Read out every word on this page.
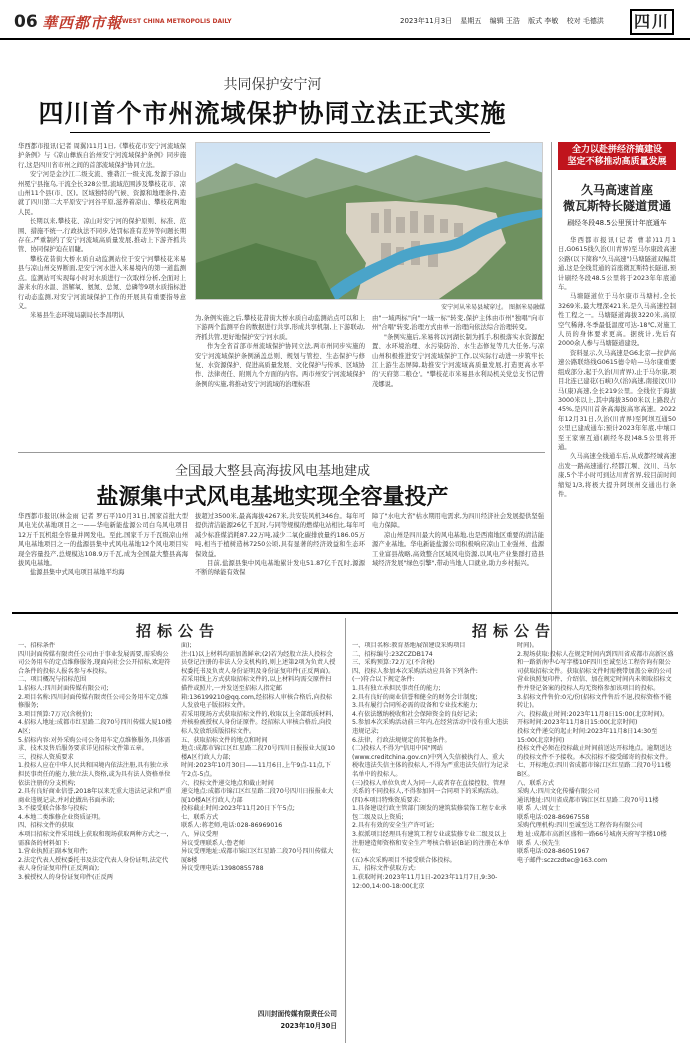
06 華西都市報 WEST CHINA METROPOLIS DAILY	2023年11月3日 星期五 编辑 王浩 版式 李敏 校对 毛德洪	四川
共同保护安宁河
四川首个市州流域保护协同立法正式实施

华西都市报讯(记者 周翼)11月1日,《攀枝花市安宁河流域保护条例》与《凉山彝族自治州安宁河流域保护条例》同步施行,这是四川省市州之间的首部流域保护协同立法。

安宁河是金沙江二级支流、雅砻江一级支流,发源于凉山州冕宁县拖乌,干流全长328公里,流域范围涉及攀枝花市、凉山州11个县(市、区)。区域独特的气候、资源和地理条件,造就了四川第二大平原安宁河谷平原,滋养着凉山、攀枝花两地人民。

长期以来,攀枝花、凉山对安宁河的保护原则、标准、范围、措施不统一,行政执法不同步,处罚标准有差异等问题长期存在,严重制约了安宁河流域高质量发展,推动上下游齐抓共管、协同保护迫在眉睫。

攀枝花昔街大桥水质自动监测站位于安宁河攀枝花米易县与凉山州交界断面,是安宁河水进入米易境内的第一道监测点。监测站可实现每小时对水质进行一次取样分析,全面对上游来水的水温、溶解氧、氨氮、总氮、总磷等9项水质指标进行动态监测,对安宁河流域保护工作的开展具有重要指导意义。

米易县生态环境局副局长李昌明认

安宁河从米易县城穿过。 图据米易融媒

为,条例实施之后,攀枝花昔街大桥水质自动监测站点可以和上下游两个监测平台的数据进行共享,形成共享机制,上下游联动,齐抓共管,更好地保护安宁河水质。

作为全省首部市州流域保护协同立法,两市州同步实施的安宁河流域保护条例涵盖总则、规划与管控、生态保护与修复、水资源保护、促进高质量发展、文化保护与传承、区域协作、法律责任、附则九个方面的内容。两市州安宁河流域保护条例的实施,将推动安宁河流域的治理标准

由"一域两标"向"一域一标"转变,保护主体由市州"独唱"向市州"合唱"转变,治理方式由单一治理向依法综合治理转变。

"条例实施后,米易将以河湖长制为抓手,积极落实水资源配置、水环境治理、水污染防治、水生态修复等几大任务,与凉山州积极推进安宁河流域保护工作,以实际行动进一步筑牢长江上游生态屏障,助推安宁河流域高质量发展,打造更高水平的'天府第二粮仓'。"攀枝花市米易县水利局机关党总支书记曾茂娜说。

全力以赴拼经济搞建设
坚定不移推动高质量发展
久马高速首座
微瓦斯特长隧道贯通
刷经冬段48.5公里预计年底通车

华西都市报讯(记者 曹菲)11月1日,G0615线久治(川青界)至马尔康段高速公路(以下简称"久马高速")马塘隧道双幅贯通,这是全线贯通的首座微瓦斯特长隧道,预计刷经冬段48.5公里将于2023年年底通车。

马塘隧道位于马尔康市马塘村,全长3269米,最大埋深421米,是久马高速控制性工程之一。马塘隧道海拔3220米,高原空气稀薄,冬季最低温度可达-18℃,对施工人员的身体要求更高。据统计,先后有2000余人参与马塘隧道建设。

资料显示,久马高速是G6北京—拉萨高速公路联络线G0615德令哈—马尔康重要组成部分,起于久治(川青界),止于马尔康,项目北连已建花(石峡)久(治)高速,南接汶(川)马(康)高速,全长219公里。全线位于海拔3000米以上,其中海拔3500米以上路段占45%,是四川首条高海拔高寒高速。2022年12月31日,久治(川青界)至阿坝互通50公里已建成通车;预计2023年年底,中壤口至王家寨互通(刷经冬段)48.5公里将开通。

久马高速全线通车后,从成都经城高速出发一路高速通行,经都江堰、汶川、马尔康,5个半小时可到达川青省界,较目前时间缩短1/3,将极大提升阿坝州交通出行条件。

全国最大整县高海拔风电基地建成
盐源集中式风电基地实现全容量投产

华西都市报讯(林金雨 记者 罗石平)10月31日,国家首批大型风电光伏基地项目之一——华电新能盐源公司白乌风电项目12万千瓦机组全容量并网发电。至此,国家千万千瓦级凉山州风电基地项目之一的盐源县集中式风电基地12个风电项目实现全容量投产,总规模达108.9万千瓦,成为全国最大整县高海拔风电基地。

盐源县集中式风电项目基地平均海

拔超过3500米,最高海拔4267米,共安装风机346台。每年可提供清洁能源26亿千瓦时,与同等规模的燃煤电站相比,每年可减少标准煤消耗87.22万吨,减少二氧化碳排放量约186.05万吨,相当于植树造林7250公顷,具有显著的经济效益和生态环保效益。

目前,盐源县集中风电基地累计发电51.87亿千瓦时,源源不断的绿能有效保

障了"水电大省"枯水期用电需求,为四川经济社会发展提供坚强电力保障。

凉山州是四川最大的风电基地,也是西南地区重要的清洁能源产业基地。华电新能盐源公司积极响应凉山工业强州、盐源工业富县战略,高效整合区域风电资源,以风电产业集群打造县域经济发展"绿色引擎",带动当地人口就业,助力乡村振兴。

招标公告
一、招标条件
四川封面传媒有限责任公司由于事业发展需要,需采购公司公务用车的定点维修服务,现面向社会公开招标,欢迎符合条件的投标人报名参与本投标。
二、项目概况与招标范围
1.招标人:四川封面传媒有限公司;
2.项目名称:四川封面传媒有限责任公司公务用车定点维修服务;
3.项目预算:7万元(含税价);
4.招标人地址:成都市红星路二段70号四川传媒大厦10楼A区;
5.招标内容:对外采购公司公务用车定点维修服务,具体需求、技术及售后服务要求详见招标文件第五章。
三、投标人资质要求
1.投标人应在中华人民共和国境内依法注册,具有独立承担民事责任的能力,独立法人资格,或为具有法人资格单位依法注册的分支机构;
2.具有良好商业信誉,2018年以来无重大违法记录和严重商业违规记录,并对此做出书面承诺;
3.不接受联合体参与投标;
4.本地二类维修企业资质证明。
四、招标文件的获取
本项目招标文件采用线上获取和现场获取两种方式之一,需准备的材料如下:
1.营业执照正副本复印件;
2.法定代表人授权委托书及法定代表人身份证明,法定代表人身份证复印件(正反两面);
3.被授权人的身份证复印件(正反两
面);
注:(1)以上材料均需加盖鲜章;(2)若为经股立法人投标会员登记注册的非法人分支机构的,则上述第2项为负责人授权委托书及负责人身份证明及身份证复印件(正反两面)。
若采用线上方式获取招标文件的,以上材料均需交原件扫描件或照片,一并发送至招标人指定邮箱:136199210@qq.com,经招标人审核合格后,向投标人发放电子版招标文件。
若采用现场方式获取招标文件的,收取以上全部纸质材料,并核验被授权人身份证原件。经招标人审核合格后,向投标人发放纸质版招标文件。
五、获取招标文件的地点和时间
地点:成都市锦江区红星路二段70号四川日报报业大厦10楼A区行政人力部;
时间:2023年10月30日——11月6日,上午9点-11点,下午2点-5点。
六、投标文件递交地点和截止时间
递交地点:成都市锦江区红星路二段70号四川日报报业大厦10楼A区行政人力部
投标截止时间:2023年11月20日下午5点;
七、联系方式
联系人:蒋老师,电话:028-86969016
八、异议受理
异议受理联系人:鲁老师
异议受理地址:成都市锦江区红星路二段70号四川传媒大厦8楼
异议受理电话:13980855788
四川封面传媒有限责任公司
2023年10月30日
招标公告
一、项目名称:教育基地展馆建设采购项目
二、招标编号:23ZCZDB174
三、采购预算:72万元(不含税)
四、投标人参加本次采购活动应具备下列条件:
(一)符合以下规定条件:
1.具有独立承担民事责任的能力;
2.具有良好的商业信誉和健全的财务会计制度;
3.具有履行合同所必需的设备和专业技术能力;
4.有依法缴纳税收和社会保障资金的良好记录;
5.参加本次采购活动前三年内,在经营活动中没有重大违法违规记录;
6.法律、行政法规规定的其他条件。
(二)投标人不得为"信用中国"网站(www.creditchina.gov.cn)中列入失信被执行人、重大税收违法失信主体的投标人,不得为严重违法失信行为记录名单中的投标人。
(三)投标人单位负责人为同一人或者存在直接控股、管理关系的不同投标人,不得参加同一合同项下的采购活动。
(四)本项目特殊资质要求:
1.具备建设行政主管部门颁发的建筑装修装饰工程专业承包二级及以上资质;
2.具有有效的安全生产许可证;
3.拟派项目经理具有建筑工程专业或装修专业二级及以上注册建造师资格和安全生产考核合格证(B证)的注册在本单位;
(五)本次采购项目不接受联合体投标。
五、招标文件获取方式:
1.获取时间:2023年11月1日-2023年11月7日,9:30-12:00,14:00-18:00(北京
时间)。
2.现场获取:投标人在规定时间内到四川省成都市高新区盛和一路新南中心写字楼10F四川至诚至达工程咨询有限公司获取招标文件。获取招标文件时需携带加盖公章的公司营业执照复印件、介绍信、加在规定时间内未领取招标文件并登记备案的投标人均无资格参加该项目的投标。
3.招标文件售价:0元/份(招标文件售后不退,投标资格不能转让)。
六、投标截止时间:2023年11月8日15:00(北京时间)。
开标时间:2023年11月8日15:00(北京时间)
投标文件递交的起止时间:2023年11月8日14:30至15:00(北京时间)
投标文件必须在投标截止时间前送达开标地点。逾期送达的投标文件不予接收。本次招标不接受邮寄的投标文件。
七、开标地点:四川省成都市锦江区红星路二段70号11楼B区。
八、联系方式
采购人:四川文化传播有限公司
通讯地址:四川省成都市锦江区红星路二段70号11楼
联 系 人:周女士
联系电话:028-86967558
采购代理机构:四川至诚至达工程咨询有限公司
地 址:成都市高新区盛和一路66号城南天府写字楼10楼
联 系 人:侯先生
联系电话:028-86051967
电子邮件:sczczdtec@163.com
